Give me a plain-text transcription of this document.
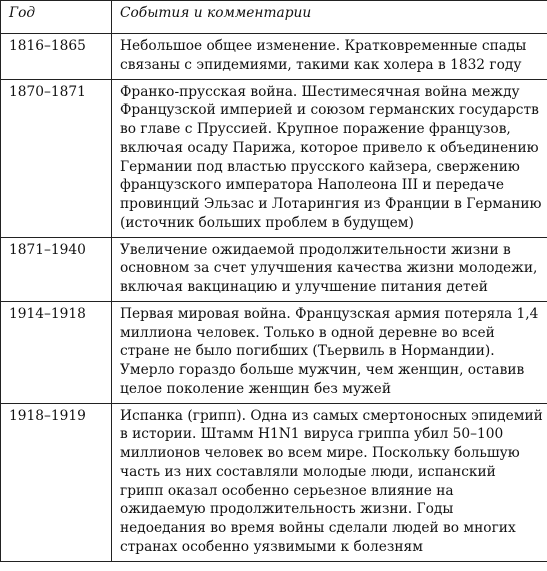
Год	События и комментарии
1816–1865	Небольшое общее изменение. Кратковременные спады связаны с эпидемиями, такими как холера в 1832 году
1870–1871	Франко-прусская война. Шестимесячная война между Французской империей и союзом германских государств во главе с Пруссией. Крупное поражение французов, включая осаду Парижа, которое привело к объединению Германии под властью прусского кайзера, свержению французского императора Наполеона III и передаче провинций Эльзас и Лотарингия из Франции в Германию (источник больших проблем в будущем)
1871–1940	Увеличение ожидаемой продолжительности жизни в основном за счет улучшения качества жизни молодежи, включая вакцинацию и улучшение питания детей
1914–1918	Первая мировая война. Французская армия потеряла 1,4 миллиона человек. Только в одной деревне во всей стране не было погибших (Тьервиль в Нормандии). Умерло гораздо больше мужчин, чем женщин, оставив целое поколение женщин без мужей
1918–1919	Испанка (грипп). Одна из самых смертоносных эпидемий в истории. Штамм H1N1 вируса гриппа убил 50–100 миллионов человек во всем мире. Поскольку большую часть из них составляли молодые люди, испанский грипп оказал особенно серьезное влияние на ожидаемую продолжительность жизни. Годы недоедания во время войны сделали людей во многих странах особенно уязвимыми к болезням
